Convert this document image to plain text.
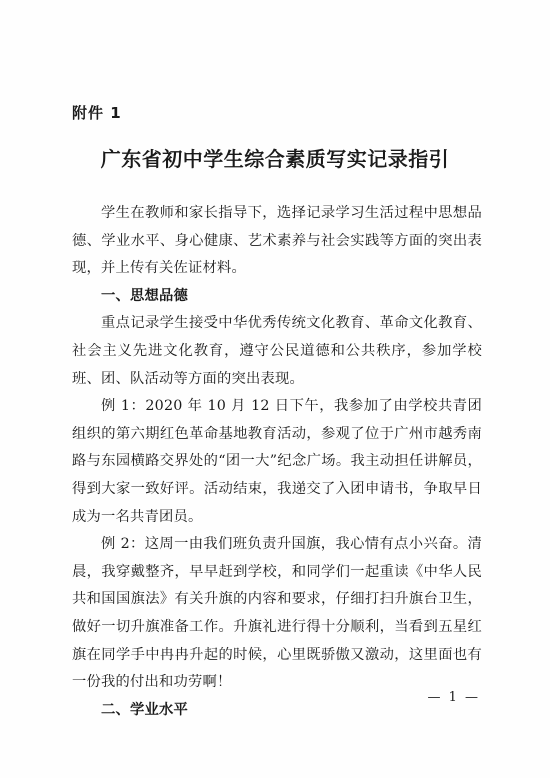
附件 1
广东省初中学生综合素质写实记录指引

学生在教师和家长指导下，选择记录学习生活过程中思想品德、学业水平、身心健康、艺术素养与社会实践等方面的突出表现，并上传有关佐证材料。

一、思想品德

重点记录学生接受中华优秀传统文化教育、革命文化教育、社会主义先进文化教育，遵守公民道德和公共秩序，参加学校班、团、队活动等方面的突出表现。

例 1：2020 年 10 月 12 日下午，我参加了由学校共青团组织的第六期红色革命基地教育活动，参观了位于广州市越秀南路与东园横路交界处的“团一大”纪念广场。我主动担任讲解员，得到大家一致好评。活动结束，我递交了入团申请书，争取早日成为一名共青团员。

例 2：这周一由我们班负责升国旗，我心情有点小兴奋。清晨，我穿戴整齐，早早赶到学校，和同学们一起重读《中华人民共和国国旗法》有关升旗的内容和要求，仔细打扫升旗台卫生，做好一切升旗准备工作。升旗礼进行得十分顺利，当看到五星红旗在同学手中冉冉升起的时候，心里既骄傲又激动，这里面也有一份我的付出和功劳啊！

二、学业水平

— 1 —
